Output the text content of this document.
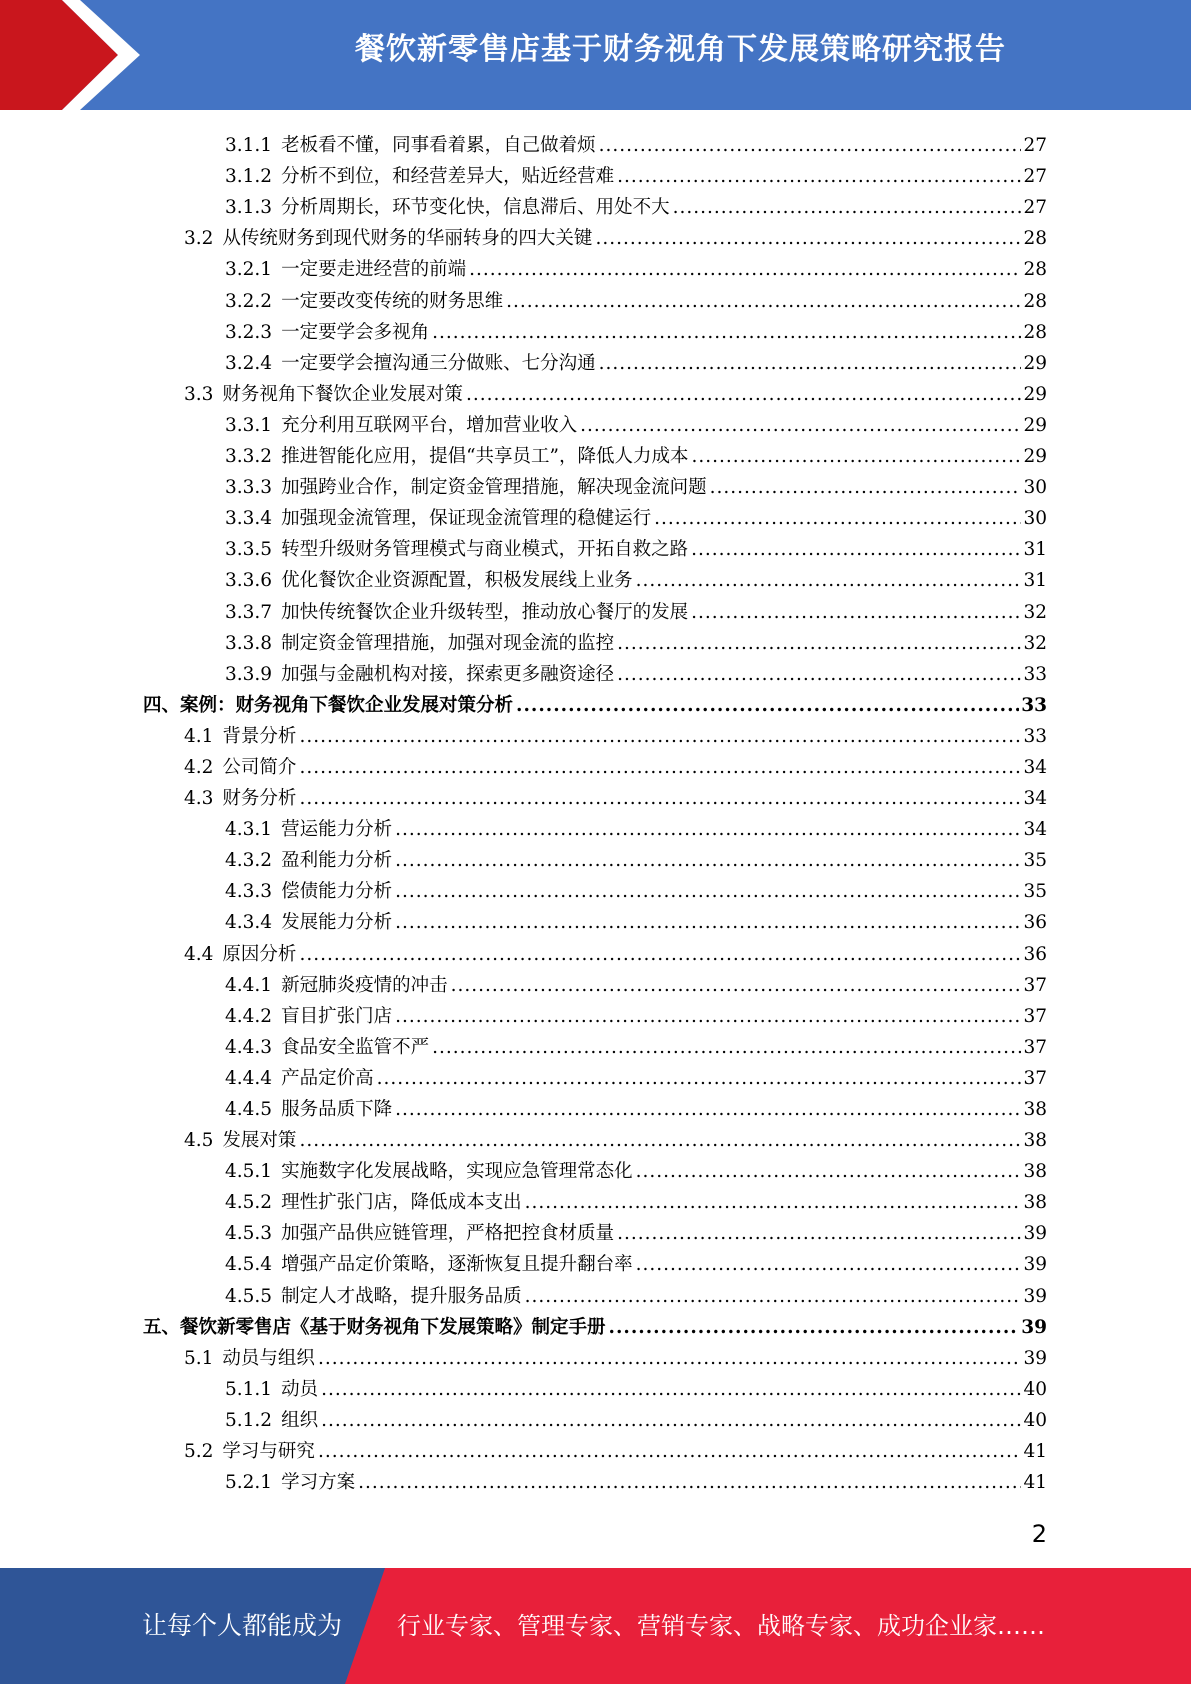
餐饮新零售店基于财务视角下发展策略研究报告
3.1.1 老板看不懂，同事看着累，自己做着烦 .....	27
3.1.2 分析不到位，和经营差异大，贴近经营难 .....	27
3.1.3 分析周期长，环节变化快，信息滞后、用处不大 .....	27
3.2 从传统财务到现代财务的华丽转身的四大关键 .....	28
3.2.1 一定要走进经营的前端 .....	28
3.2.2 一定要改变传统的财务思维 .....	28
3.2.3 一定要学会多视角 .....	28
3.2.4 一定要学会擅沟通三分做账、七分沟通 .....	29
3.3 财务视角下餐饮企业发展对策 .....	29
3.3.1 充分利用互联网平台，增加营业收入 .....	29
3.3.2 推进智能化应用，提倡“共享员工”，降低人力成本 .....	29
3.3.3 加强跨业合作，制定资金管理措施，解决现金流问题 .....	30
3.3.4 加强现金流管理，保证现金流管理的稳健运行 .....	30
3.3.5 转型升级财务管理模式与商业模式，开拓自救之路 .....	31
3.3.6 优化餐饮企业资源配置，积极发展线上业务 .....	31
3.3.7 加快传统餐饮企业升级转型，推动放心餐厅的发展 .....	32
3.3.8 制定资金管理措施，加强对现金流的监控 .....	32
3.3.9 加强与金融机构对接，探索更多融资途径 .....	33
四、案例：财务视角下餐饮企业发展对策分析 .....	33
4.1 背景分析 .....	33
4.2 公司简介 .....	34
4.3 财务分析 .....	34
4.3.1 营运能力分析 .....	34
4.3.2 盈利能力分析 .....	35
4.3.3 偿债能力分析 .....	35
4.3.4 发展能力分析 .....	36
4.4 原因分析 .....	36
4.4.1 新冠肺炎疫情的冲击 .....	37
4.4.2 盲目扩张门店 .....	37
4.4.3 食品安全监管不严 .....	37
4.4.4 产品定价高 .....	37
4.4.5 服务品质下降 .....	38
4.5 发展对策 .....	38
4.5.1 实施数字化发展战略，实现应急管理常态化 .....	38
4.5.2 理性扩张门店，降低成本支出 .....	38
4.5.3 加强产品供应链管理，严格把控食材质量 .....	39
4.5.4 增强产品定价策略，逐渐恢复且提升翻台率 .....	39
4.5.5 制定人才战略，提升服务品质 .....	39
五、餐饮新零售店《基于财务视角下发展策略》制定手册 .....	39
5.1 动员与组织 .....	39
5.1.1 动员 .....	40
5.1.2 组织 .....	40
5.2 学习与研究 .....	41
5.2.1 学习方案 .....	41
2
让每个人都能成为 行业专家、管理专家、营销专家、战略专家、成功企业家……
